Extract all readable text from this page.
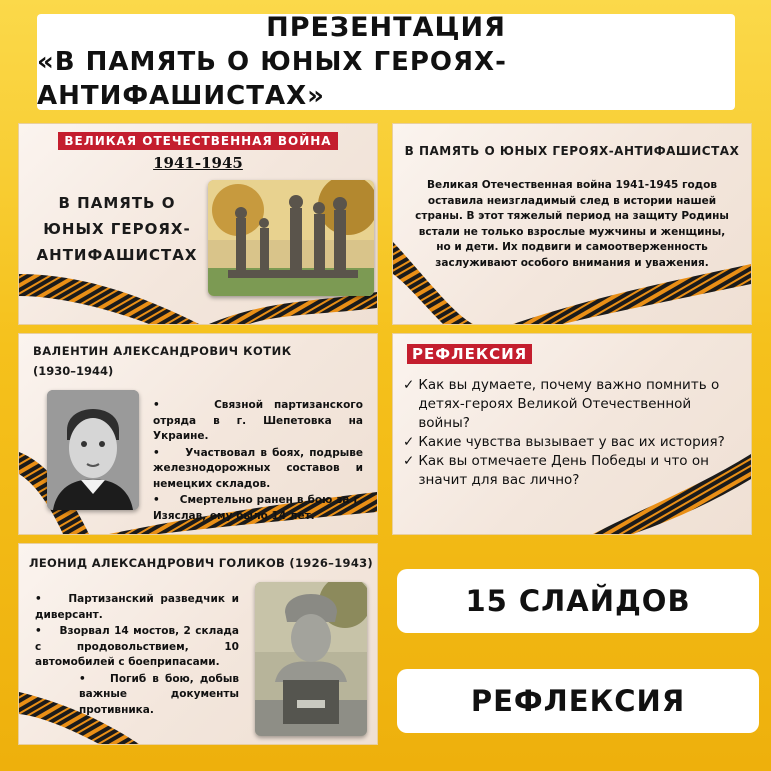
ПРЕЗЕНТАЦИЯ
«В ПАМЯТЬ О ЮНЫХ ГЕРОЯХ-АНТИФАШИСТАХ»
ВЕЛИКАЯ ОТЕЧЕСТВЕННАЯ ВОЙНА
1941-1945
В ПАМЯТЬ О ЮНЫХ ГЕРОЯХ-АНТИФАШИСТАХ
В ПАМЯТЬ О ЮНЫХ ГЕРОЯХ-АНТИФАШИСТАХ
Великая Отечественная война 1941-1945 годов оставила неизгладимый след в истории нашей страны. В этот тяжелый период на защиту Родины встали не только взрослые мужчины и женщины, но и дети. Их подвиги и самоотверженность заслуживают особого внимания и уважения.
ВАЛЕНТИН АЛЕКСАНДРОВИЧ КОТИК
(1930–1944)
•     Связной партизанского отряда в г. Шепетовка на Украине.
•     Участвовал в боях, подрыве железнодорожных составов и немецких складов.
•     Смертельно ранен в бою за г. Изяслав, ему было 14 лет.
РЕФЛЕКСИЯ
✓ Как вы думаете, почему важно помнить о детях-героях Великой Отечественной войны?
✓ Какие чувства вызывает у вас их история?
✓ Как вы отмечаете День Победы и что он значит для вас лично?
ЛЕОНИД АЛЕКСАНДРОВИЧ ГОЛИКОВ (1926–1943)
•    Партизанский разведчик и диверсант.
•    Взорвал 14 мостов, 2 склада с продовольствием, 10 автомобилей с боеприпасами.
•    Погиб в бою, добыв важные документы противника.
15 СЛАЙДОВ
РЕФЛЕКСИЯ
